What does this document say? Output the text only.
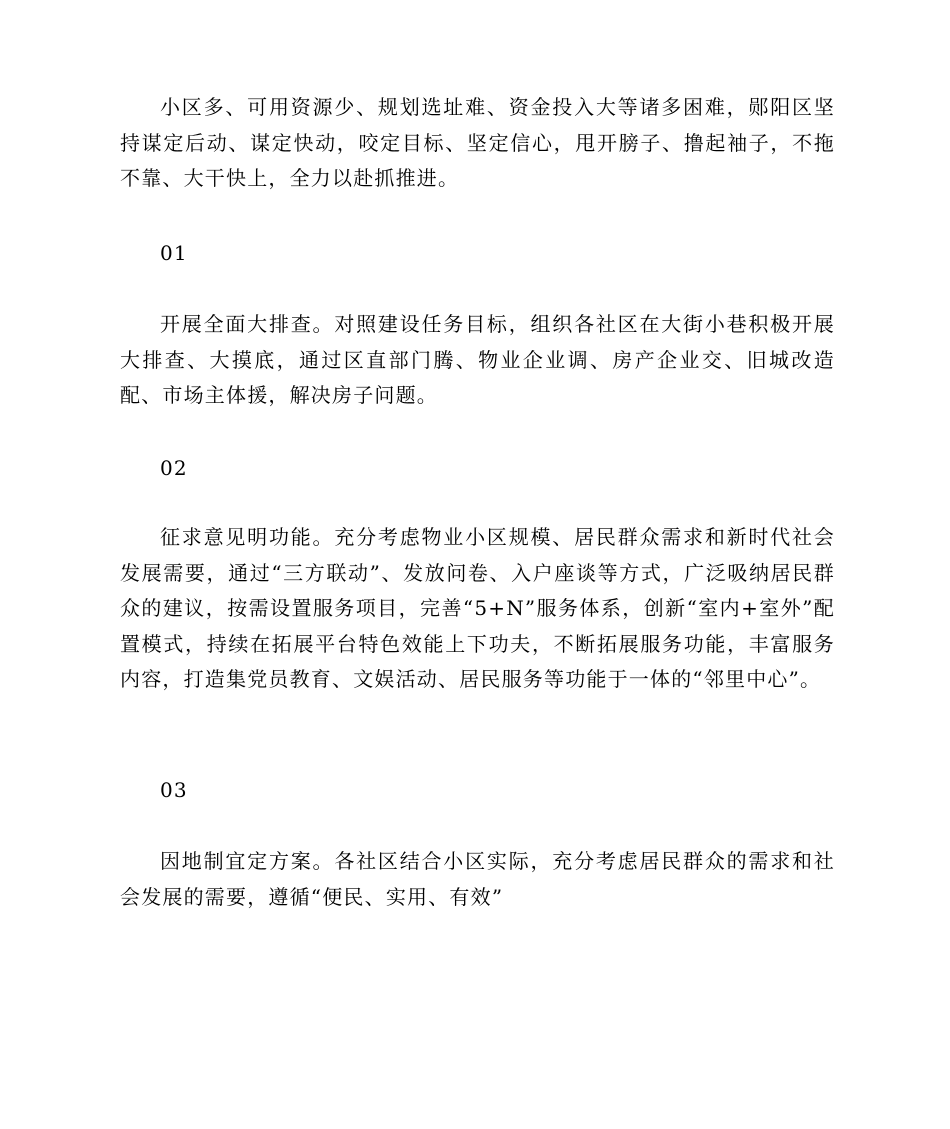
小区多、可用资源少、规划选址难、资金投入大等诸多困难，郧阳区坚持谋定后动、谋定快动，咬定目标、坚定信心，甩开膀子、撸起袖子，不拖不靠、大干快上，全力以赴抓推进。

01

开展全面大排查。对照建设任务目标，组织各社区在大街小巷积极开展大排查、大摸底，通过区直部门腾、物业企业调、房产企业交、旧城改造配、市场主体援，解决房子问题。

02

征求意见明功能。充分考虑物业小区规模、居民群众需求和新时代社会发展需要，通过“三方联动”、发放问卷、入户座谈等方式，广泛吸纳居民群众的建议，按需设置服务项目，完善“5+N”服务体系，创新“室内+室外”配置模式，持续在拓展平台特色效能上下功夫，不断拓展服务功能，丰富服务内容，打造集党员教育、文娱活动、居民服务等功能于一体的“邻里中心”。

03

因地制宜定方案。各社区结合小区实际，充分考虑居民群众的需求和社会发展的需要，遵循“便民、实用、有效”
